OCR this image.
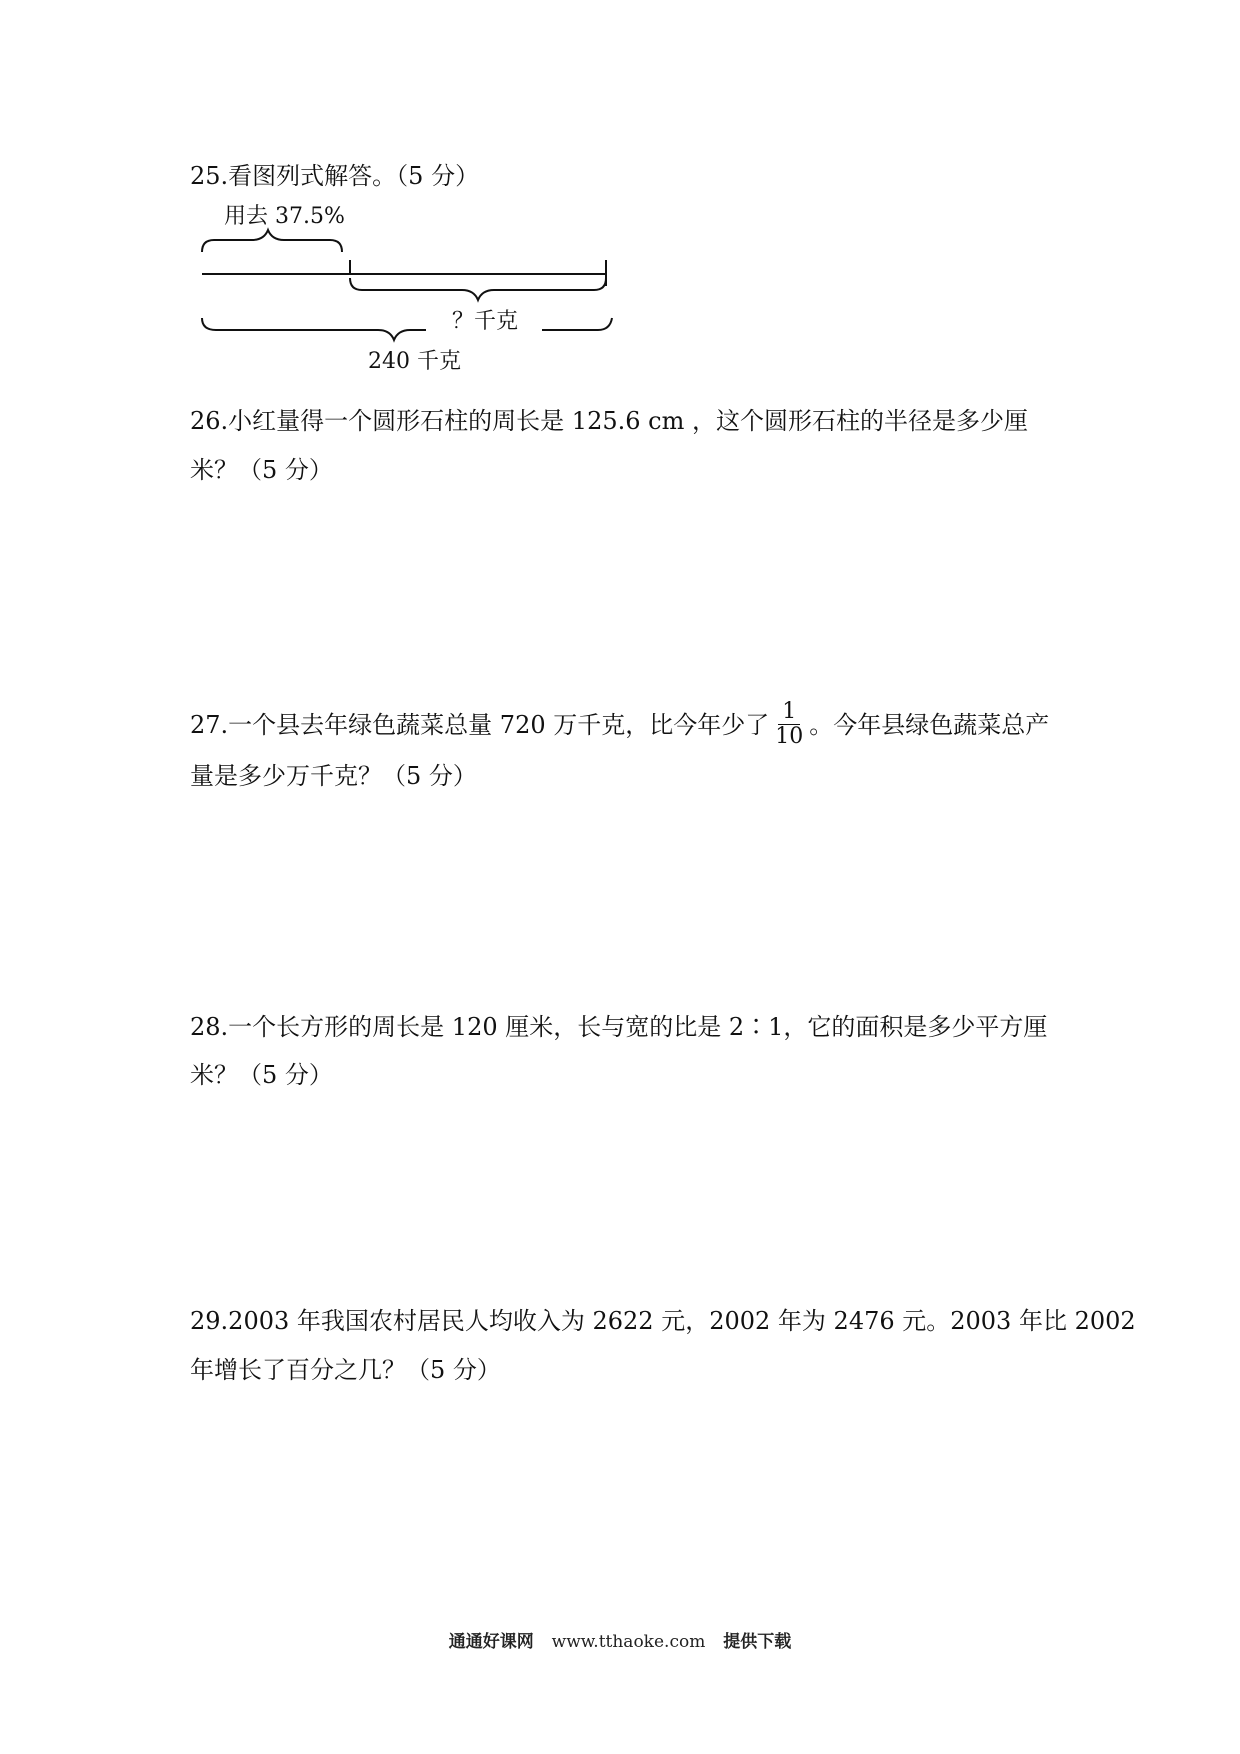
25.看图列式解答。（5 分）
用去 37.5%
？千克
240 千克
26.小红量得一个圆形石柱的周长是 125.6 cm ，这个圆形石柱的半径是多少厘
米？（5 分）
27.一个县去年绿色蔬菜总量 720 万千克，比今年少了 $\frac{1}{10}$ 。今年县绿色蔬菜总产
量是多少万千克？（5 分）
28.一个长方形的周长是 120 厘米，长与宽的比是 2∶1，它的面积是多少平方厘
米？（5 分）
29.2003 年我国农村居民人均收入为 2622 元，2002 年为 2476 元。2003 年比 2002
年增长了百分之几？（5 分）
通通好课网 www.tthaoke.com 提供下载
